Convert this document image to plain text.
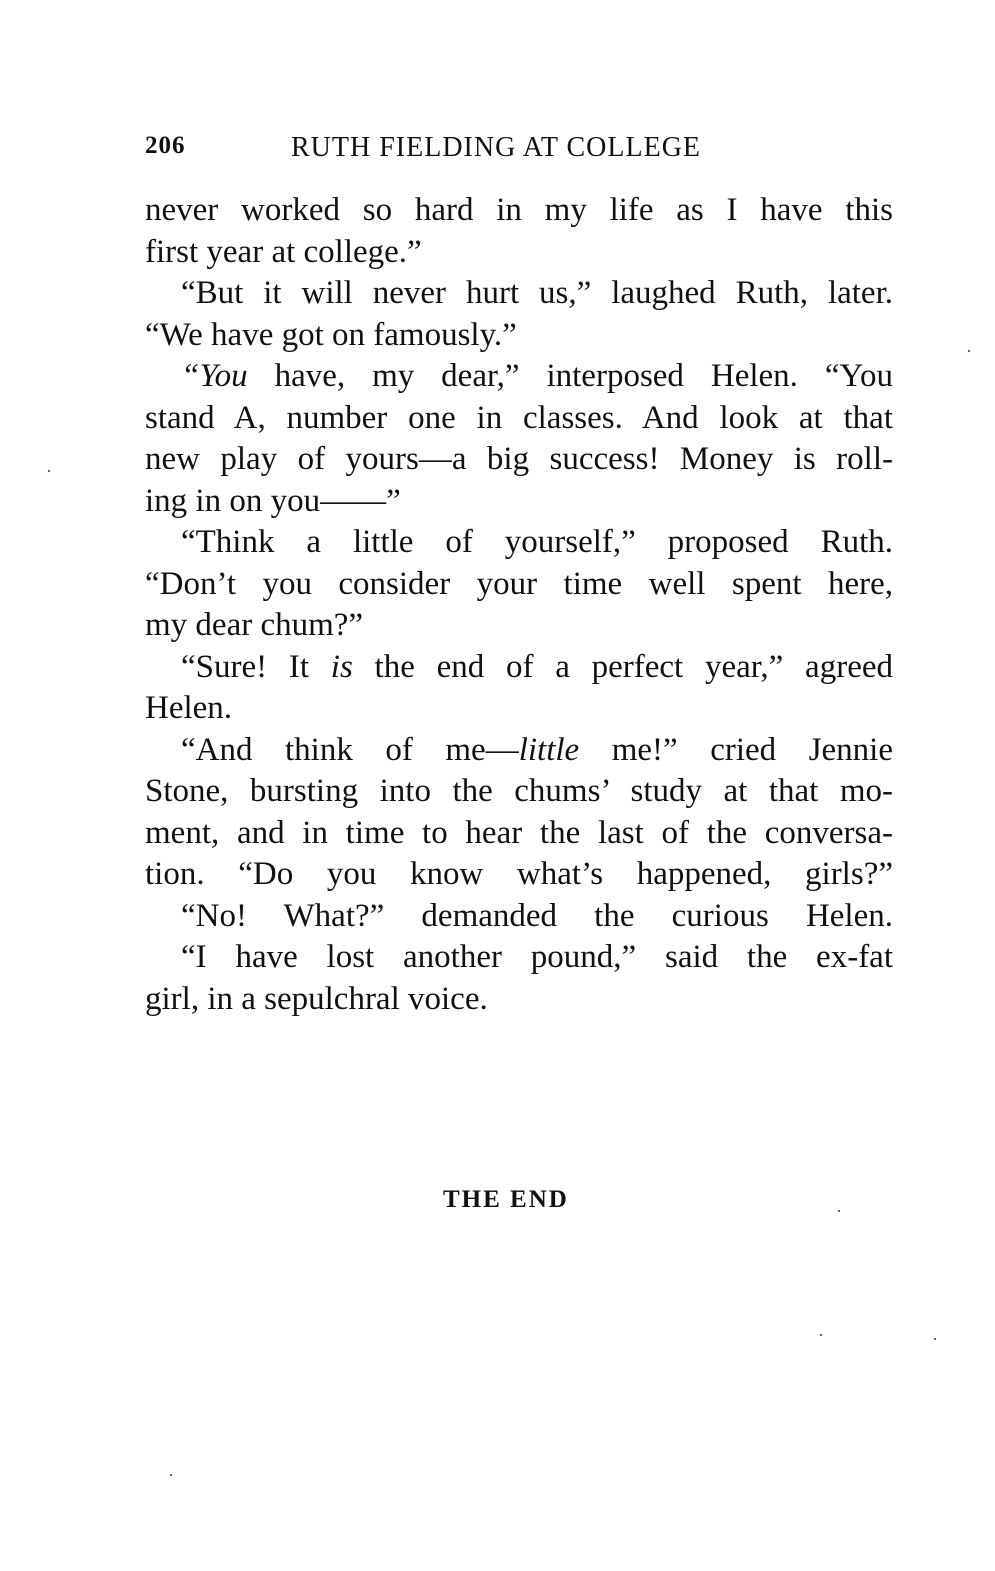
206	RUTH FIELDING AT COLLEGE
never worked so hard in my life as I have this
first year at college.”
“But it will never hurt us,” laughed Ruth, later.
“We have got on famously.”
“You have, my dear,” interposed Helen. “You
stand A, number one in classes. And look at that
new play of yours—a big success! Money is roll-
ing in on you——”
“Think a little of yourself,” proposed Ruth.
“Don’t you consider your time well spent here,
my dear chum?”
“Sure! It is the end of a perfect year,” agreed
Helen.
“And think of me—little me!” cried Jennie
Stone, bursting into the chums’ study at that mo-
ment, and in time to hear the last of the conversa-
tion. “Do you know what’s happened, girls?”
“No! What?” demanded the curious Helen.
“I have lost another pound,” said the ex-fat
girl, in a sepulchral voice.
THE END
